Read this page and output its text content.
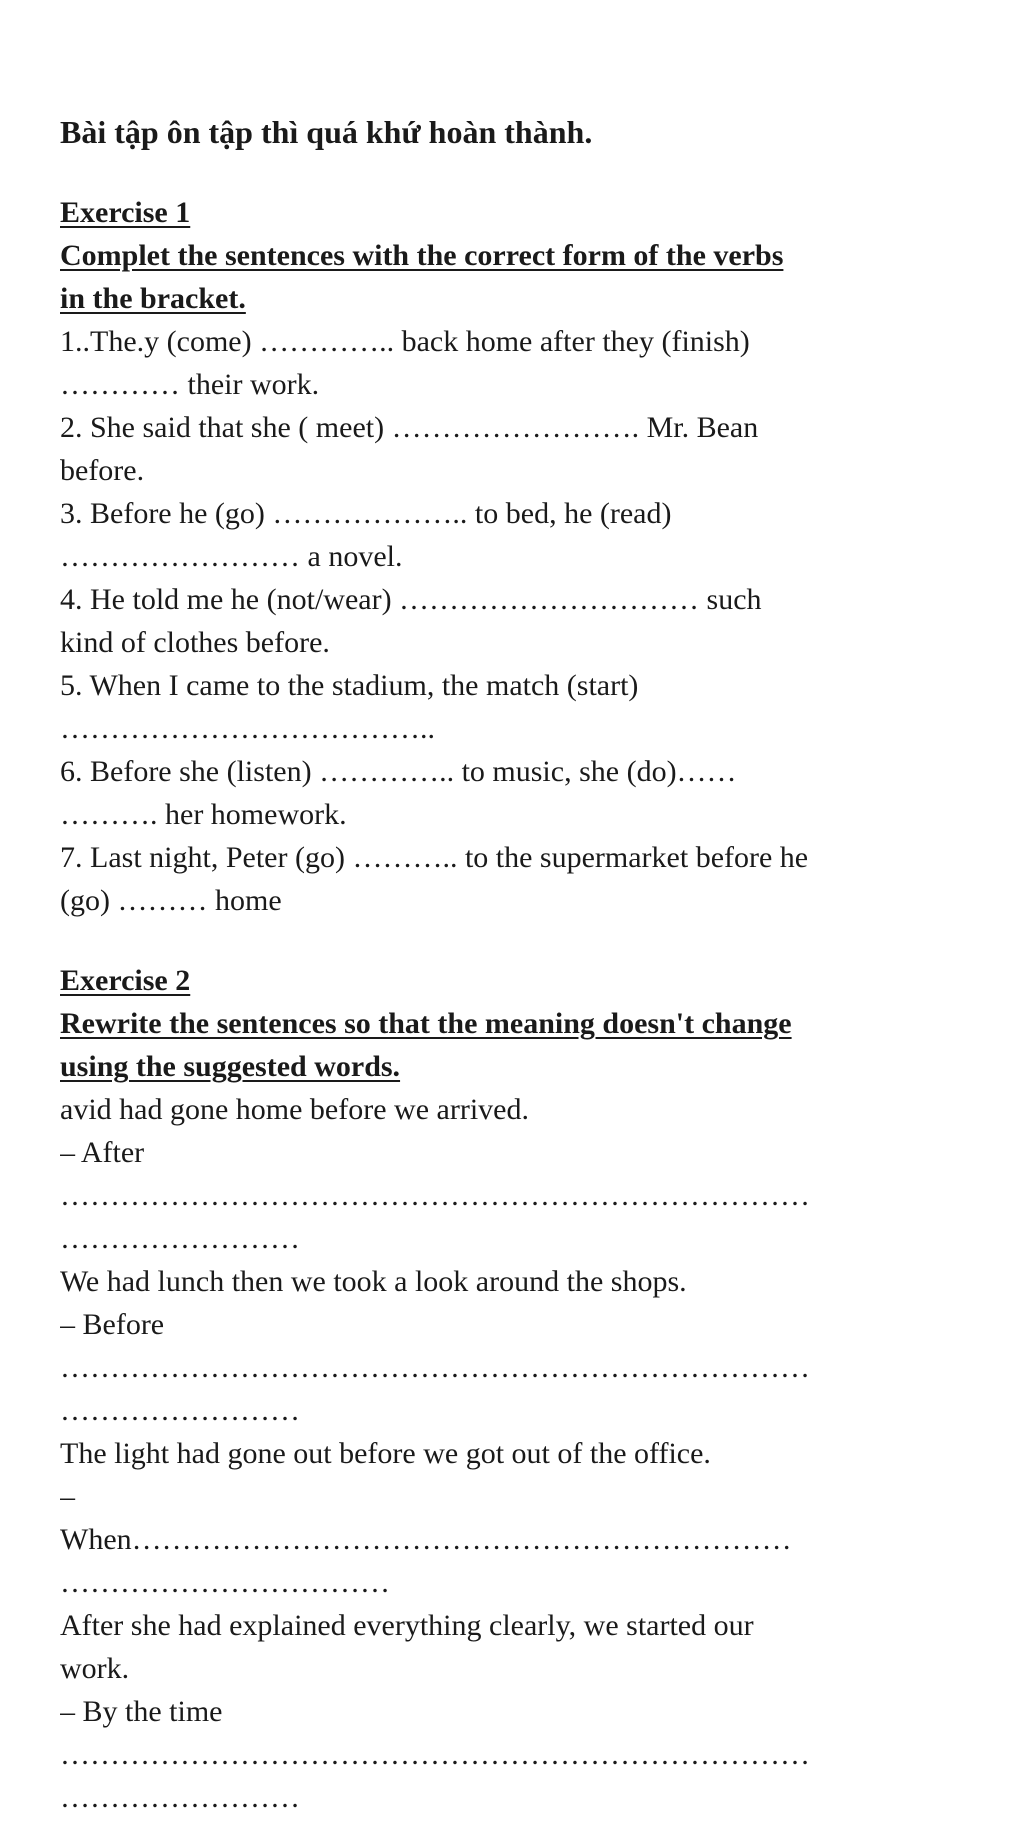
Bài tập ôn tập thì quá khứ hoàn thành.
Exercise 1
Complet the sentences with the correct form of the verbs
in the bracket.
1..The.y (come) ………….. back home after they (finish)
………… their work.
2. She said that she ( meet) ……………………. Mr. Bean
before.
3. Before he (go) ……………….. to bed, he (read)
…………………… a novel.
4. He told me he (not/wear) ………………………… such
kind of clothes before.
5. When I came to the stadium, the match (start)
………………………………..
6. Before she (listen) ………….. to music, she (do)……
………. her homework.
7. Last night, Peter (go) ……….. to the supermarket before he
(go) ……… home
Exercise 2
Rewrite the sentences so that the meaning doesn't change
using the suggested words.
avid had gone home before we arrived.
– After
…………………………………………………………………
……………………
We had lunch then we took a look around the shops.
– Before
…………………………………………………………………
……………………
The light had gone out before we got out of the office.
–
When…………………………………………………………
……………………………
After she had explained everything clearly, we started our
work.
– By the time
…………………………………………………………………
……………………
